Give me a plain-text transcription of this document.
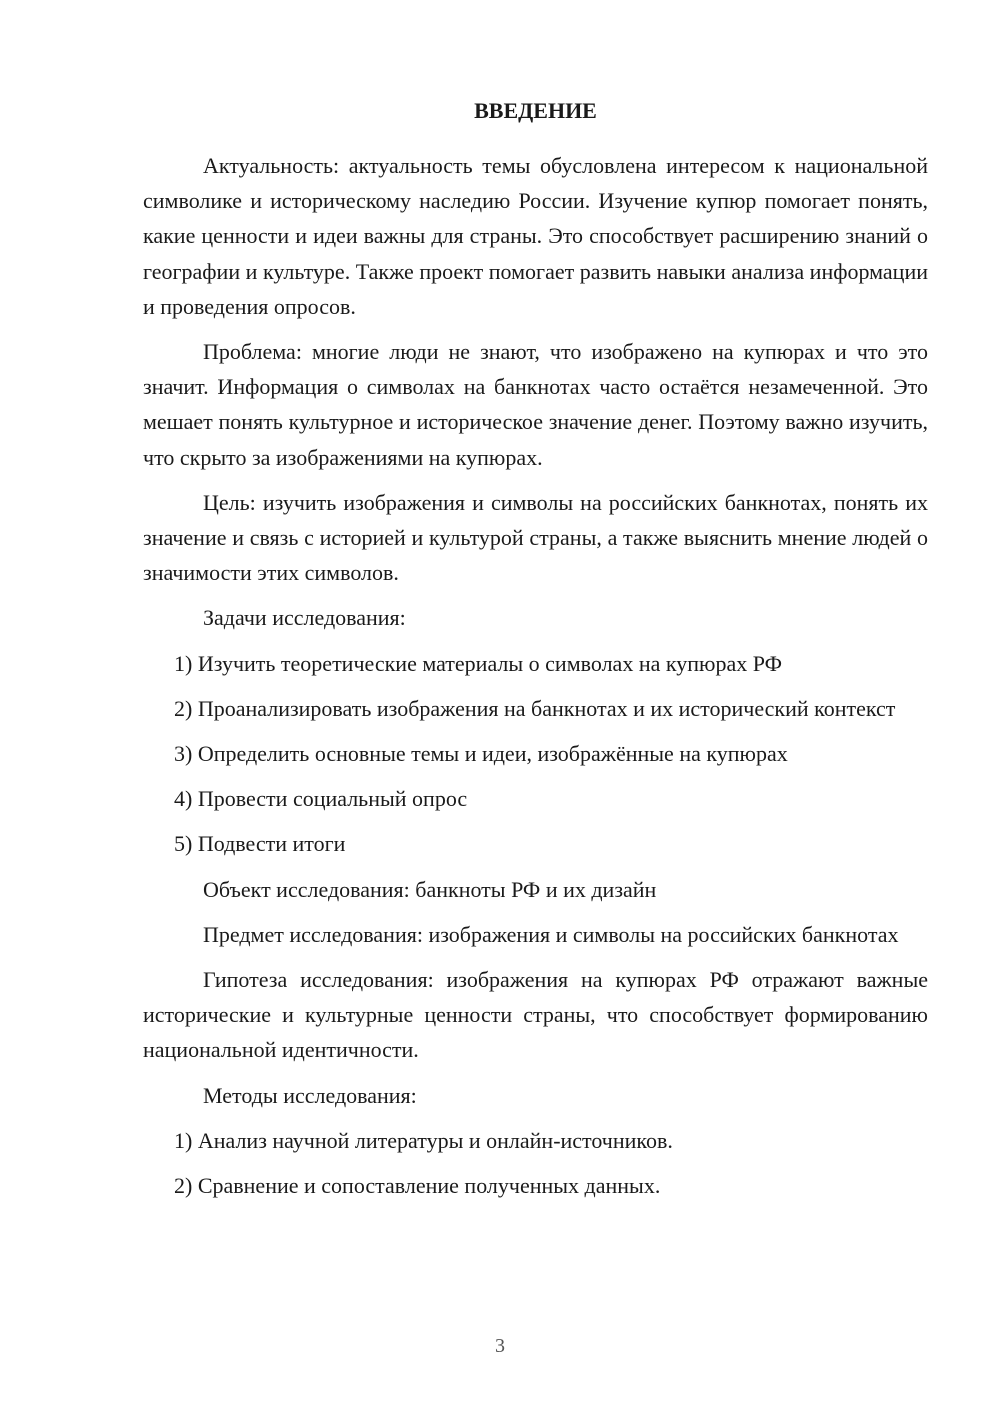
ВВЕДЕНИЕ

Актуальность: актуальность темы обусловлена интересом к национальной символике и историческому наследию России. Изучение купюр помогает понять, какие ценности и идеи важны для страны. Это способствует расширению знаний о географии и культуре. Также проект помогает развить навыки анализа информации и проведения опросов.

Проблема: многие люди не знают, что изображено на купюрах и что это значит. Информация о символах на банкнотах часто остаётся незамеченной. Это мешает понять культурное и историческое значение денег. Поэтому важно изучить, что скрыто за изображениями на купюрах.

Цель: изучить изображения и символы на российских банкнотах, понять их значение и связь с историей и культурой страны, а также выяснить мнение людей о значимости этих символов.

Задачи исследования:

1) Изучить теоретические материалы о символах на купюрах РФ

2) Проанализировать изображения на банкнотах и их исторический контекст

3) Определить основные темы и идеи, изображённые на купюрах

4) Провести социальный опрос

5) Подвести итоги

Объект исследования: банкноты РФ и их дизайн

Предмет исследования: изображения и символы на российских банкнотах

Гипотеза исследования: изображения на купюрах РФ отражают важные исторические и культурные ценности страны, что способствует формированию национальной идентичности.

Методы исследования:

1) Анализ научной литературы и онлайн-источников.

2) Сравнение и сопоставление полученных данных.

3
